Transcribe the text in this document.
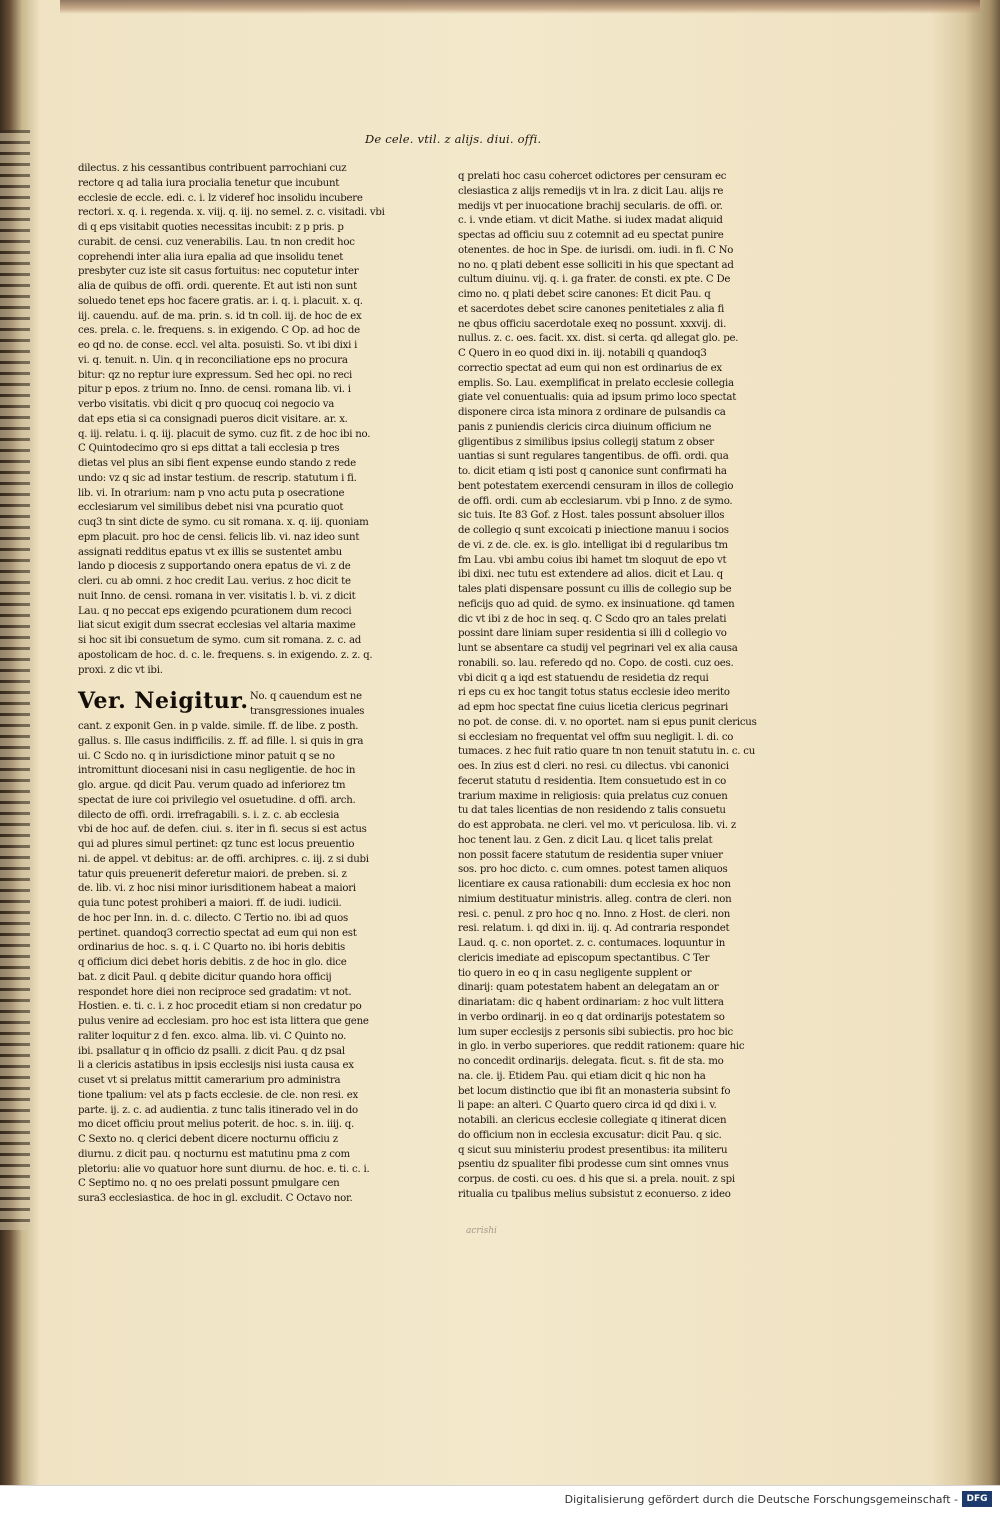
De cele. vtil. z alijs. diui. offi.
dilectus. z his cessantibus contribuent parrochiani cuz
rectore q ad talia iura procialia tenetur que incubunt
ecclesie de eccle. edi. c. i. lz videref hoc insolidu incubere
rectori. x. q. i. regenda. x. viij. q. iij. no semel. z. c. visitadi. vbi
di q eps visitabit quoties necessitas incubit: z p pris. p
curabit. de censi. cuz venerabilis. Lau. tn non credit hoc
coprehendi inter alia iura epalia ad que insolidu tenet
presbyter cuz iste sit casus fortuitus: nec coputetur inter
alia de quibus de offi. ordi. querente. Et aut isti non sunt
soluedo tenet eps hoc facere gratis. ar. i. q. i. placuit. x. q.
iij. cauendu. auf. de ma. prin. s. id tn coll. iij. de hoc de ex
ces. prela. c. le. frequens. s. in exigendo. C Op. ad hoc de
eo qd no. de conse. eccl. vel alta. posuisti. So. vt ibi dixi i
vi. q. tenuit. n. Uin. q in reconciliatione eps no procura
bitur: qz no reptur iure expressum. Sed hec opi. no reci
pitur p epos. z trium no. Inno. de censi. romana lib. vi. i
verbo visitatis. vbi dicit q pro quocuq coi negocio va
dat eps etia si ca consignadi pueros dicit visitare. ar. x.
q. iij. relatu. i. q. iij. placuit de symo. cuz fit. z de hoc ibi no.
C Quintodecimo qro si eps dittat a tali ecclesia p tres
dietas vel plus an sibi fient expense eundo stando z rede
undo: vz q sic ad instar testium. de rescrip. statutum i fi.
lib. vi. In otrarium: nam p vno actu puta p osecratione
ecclesiarum vel similibus debet nisi vna pcuratio quot
cuq3 tn sint dicte de symo. cu sit romana. x. q. iij. quoniam
epm placuit. pro hoc de censi. felicis lib. vi. naz ideo sunt
assignati redditus epatus vt ex illis se sustentet ambu
lando p diocesis z supportando onera epatus de vi. z de
cleri. cu ab omni. z hoc credit Lau. verius. z hoc dicit te
nuit Inno. de censi. romana in ver. visitatis l. b. vi. z dicit
Lau. q no peccat eps exigendo pcurationem dum recoci
liat sicut exigit dum ssecrat ecclesias vel altaria maxime
si hoc sit ibi consuetum de symo. cum sit romana. z. c. ad
apostolicam de hoc. d. c. le. frequens. s. in exigendo. z. z. q.
proxi. z dic vt ibi.
Ver. Neigitur. No. q cauendum est ne
transgressiones inuales
cant. z exponit Gen. in p valde. simile. ff. de libe. z posth.
gallus. s. Ille casus indifficilis. z. ff. ad fille. l. si quis in gra
ui. C Scdo no. q in iurisdictione minor patuit q se no
intromittunt diocesani nisi in casu negligentie. de hoc in
glo. argue. qd dicit Pau. verum quado ad inferiorez tm
spectat de iure coi privilegio vel osuetudine. d offi. arch.
dilecto de offi. ordi. irrefragabili. s. i. z. c. ab ecclesia
vbi de hoc auf. de defen. ciui. s. iter in fi. secus si est actus
qui ad plures simul pertinet: qz tunc est locus preuentio
ni. de appel. vt debitus: ar. de offi. archipres. c. iij. z si dubi
tatur quis preuenerit deferetur maiori. de preben. si. z
de. lib. vi. z hoc nisi minor iurisditionem habeat a maiori
quia tunc potest prohiberi a maiori. ff. de iudi. iudicii.
de hoc per Inn. in. d. c. dilecto. C Tertio no. ibi ad quos
pertinet. quandoq3 correctio spectat ad eum qui non est
ordinarius de hoc. s. q. i. C Quarto no. ibi horis debitis
q officium dici debet horis debitis. z de hoc in glo. dice
bat. z dicit Paul. q debite dicitur quando hora officij
respondet hore diei non reciproce sed gradatim: vt not.
Hostien. e. ti. c. i. z hoc procedit etiam si non credatur po
pulus venire ad ecclesiam. pro hoc est ista littera que gene
raliter loquitur z d fen. exco. alma. lib. vi. C Quinto no.
ibi. psallatur q in officio dz psalli. z dicit Pau. q dz psal
li a clericis astatibus in ipsis ecclesijs nisi iusta causa ex
cuset vt si prelatus mittit camerarium pro administra
tione tpalium: vel ats p facts ecclesie. de cle. non resi. ex
parte. ij. z. c. ad audientia. z tunc talis itinerado vel in do
mo dicet officiu prout melius poterit. de hoc. s. in. iiij. q.
C Sexto no. q clerici debent dicere nocturnu officiu z
diurnu. z dicit pau. q nocturnu est matutinu pma z com
pletoriu: alie vo quatuor hore sunt diurnu. de hoc. e. ti. c. i.
C Septimo no. q no oes prelati possunt pmulgare cen
sura3 ecclesiastica. de hoc in gl. excludit. C Octavo nor.
q prelati hoc casu cohercet odictores per censuram ec
clesiastica z alijs remedijs vt in lra. z dicit Lau. alijs re
medijs vt per inuocatione brachij secularis. de offi. or.
c. i. vnde etiam. vt dicit Mathe. si iudex madat aliquid
spectas ad officiu suu z cotemnit ad eu spectat punire
otenentes. de hoc in Spe. de iurisdi. om. iudi. in fi. C No
no no. q plati debent esse solliciti in his que spectant ad
cultum diuinu. vij. q. i. ga frater. de consti. ex pte. C De
cimo no. q plati debet scire canones: Et dicit Pau. q
et sacerdotes debet scire canones penitetiales z alia fi
ne qbus officiu sacerdotale exeq no possunt. xxxvij. di.
nullus. z. c. oes. facit. xx. dist. si certa. qd allegat glo. pe.
C Quero in eo quod dixi in. iij. notabili q quandoq3
correctio spectat ad eum qui non est ordinarius de ex
emplis. So. Lau. exemplificat in prelato ecclesie collegia
giate vel conuentualis: quia ad ipsum primo loco spectat
disponere circa ista minora z ordinare de pulsandis ca
panis z puniendis clericis circa diuinum officium ne
gligentibus z similibus ipsius collegij statum z obser
uantias si sunt regulares tangentibus. de offi. ordi. qua
to. dicit etiam q isti post q canonice sunt confirmati ha
bent potestatem exercendi censuram in illos de collegio
de offi. ordi. cum ab ecclesiarum. vbi p Inno. z de symo.
sic tuis. Ite 83 Gof. z Host. tales possunt absoluer illos
de collegio q sunt excoicati p iniectione manuu i socios
de vi. z de. cle. ex. is glo. intelligat ibi d regularibus tm
fm Lau. vbi ambu coius ibi hamet tm sloquut de epo vt
ibi dixi. nec tutu est extendere ad alios. dicit et Lau. q
tales plati dispensare possunt cu illis de collegio sup be
neficijs quo ad quid. de symo. ex insinuatione. qd tamen
dic vt ibi z de hoc in seq. q. C Scdo qro an tales prelati
possint dare liniam super residentia si illi d collegio vo
lunt se absentare ca studij vel pegrinari vel ex alia causa
ronabili. so. lau. referedo qd no. Copo. de costi. cuz oes.
vbi dicit q a iqd est statuendu de residetia dz requi
ri eps cu ex hoc tangit totus status ecclesie ideo merito
ad epm hoc spectat fine cuius licetia clericus pegrinari
no pot. de conse. di. v. no oportet. nam si epus punit clericus
si ecclesiam no frequentat vel offm suu negligit. l. di. co
tumaces. z hec fuit ratio quare tn non tenuit statutu in. c. cu
oes. In zius est d cleri. no resi. cu dilectus. vbi canonici
fecerut statutu d residentia. Item consuetudo est in co
trarium maxime in religiosis: quia prelatus cuz conuen
tu dat tales licentias de non residendo z talis consuetu
do est approbata. ne cleri. vel mo. vt periculosa. lib. vi. z
hoc tenent lau. z Gen. z dicit Lau. q licet talis prelat
non possit facere statutum de residentia super vniuer
sos. pro hoc dicto. c. cum omnes. potest tamen aliquos
licentiare ex causa rationabili: dum ecclesia ex hoc non
nimium destituatur ministris. alleg. contra de cleri. non
resi. c. penul. z pro hoc q no. Inno. z Host. de cleri. non
resi. relatum. i. qd dixi in. iij. q. Ad contraria respondet
Laud. q. c. non oportet. z. c. contumaces. loquuntur in
clericis imediate ad episcopum spectantibus. C Ter
tio quero in eo q in casu negligente supplent or
dinarij: quam potestatem habent an delegatam an or
dinariatam: dic q habent ordinariam: z hoc vult littera
in verbo ordinarij. in eo q dat ordinarijs potestatem so
lum super ecclesijs z personis sibi subiectis. pro hoc bic
in glo. in verbo superiores. que reddit rationem: quare hic
no concedit ordinarijs. delegata. ficut. s. fit de sta. mo
na. cle. ij. Etidem Pau. qui etiam dicit q hic non ha
bet locum distinctio que ibi fit an monasteria subsint fo
li pape: an alteri. C Quarto quero circa id qd dixi i. v.
notabili. an clericus ecclesie collegiate q itinerat dicen
do officium non in ecclesia excusatur: dicit Pau. q sic.
q sicut suu ministeriu prodest presentibus: ita militeru
psentiu dz spualiter fibi prodesse cum sint omnes vnus
corpus. de costi. cu oes. d his que si. a prela. nouit. z spi
ritualia cu tpalibus melius subsistut z econuerso. z ideo
acrishi
Digitalisierung gefördert durch die Deutsche Forschungsgemeinschaft - DFG
